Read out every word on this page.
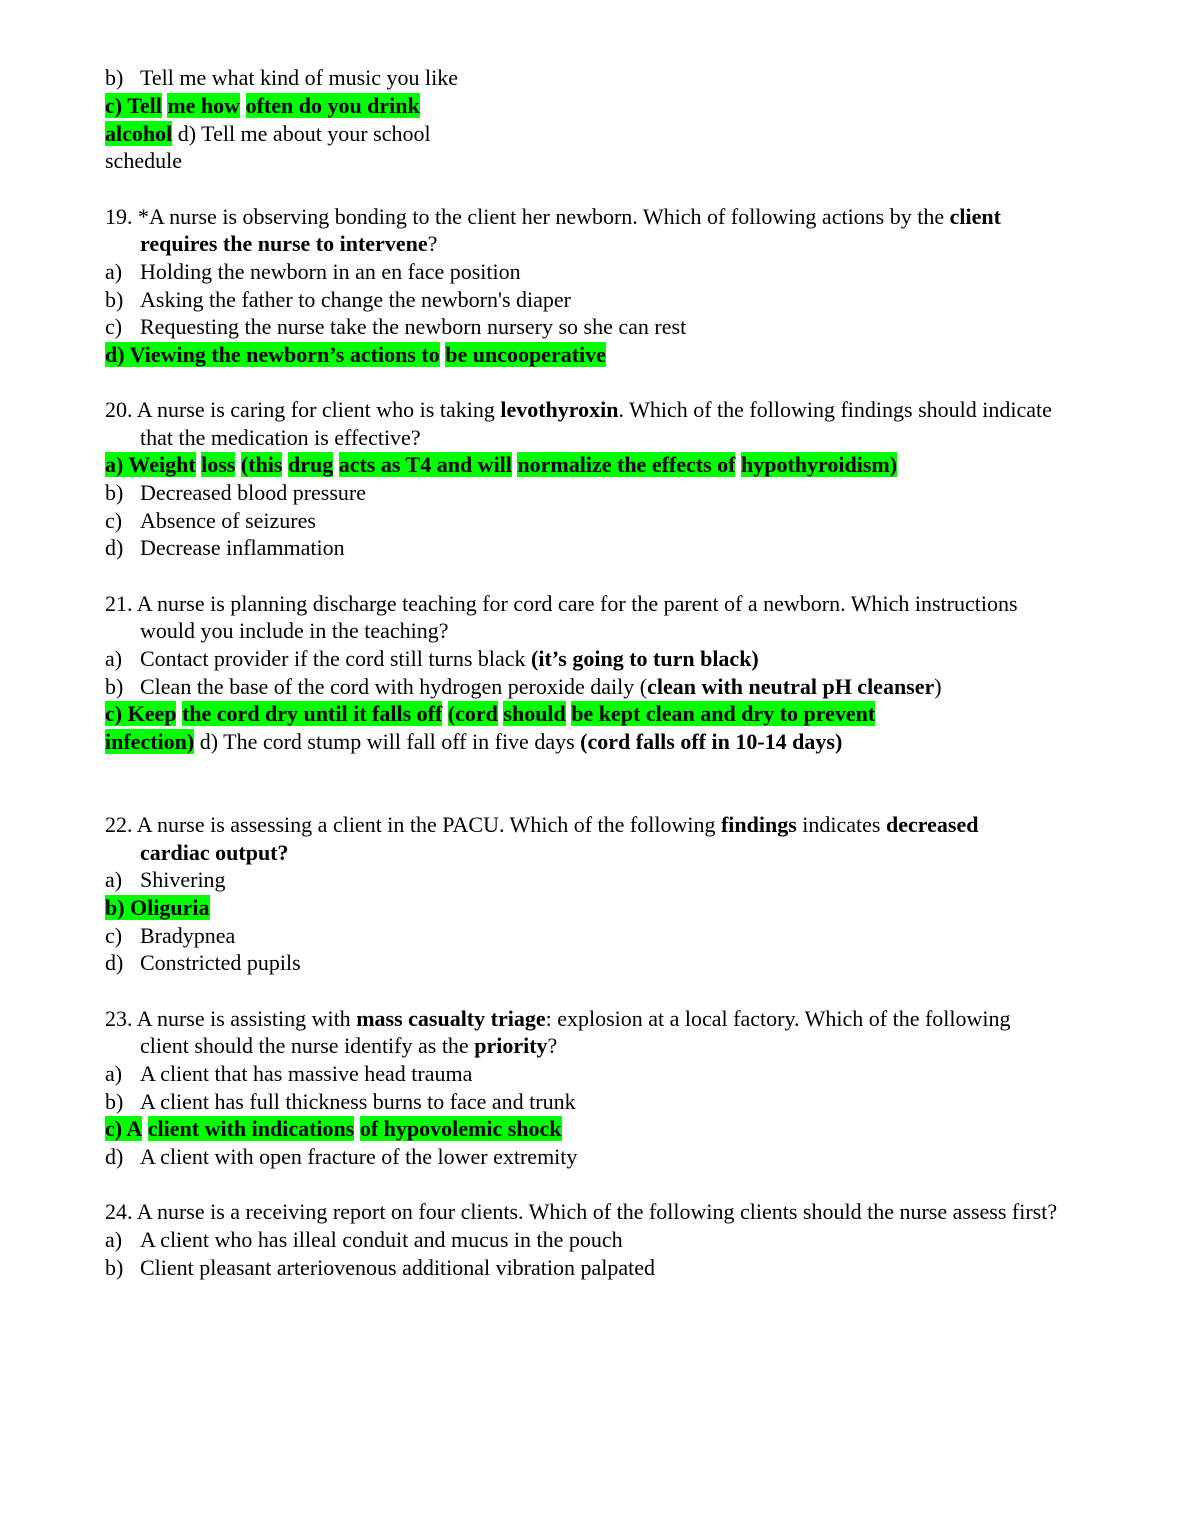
b) Tell me what kind of music you like
c) Tell me how often do you drink
alcohol d) Tell me about your school
schedule
19. *A nurse is observing bonding to the client her newborn. Which of following actions by the client
requires the nurse to intervene?
a) Holding the newborn in an en face position
b) Asking the father to change the newborn's diaper
c) Requesting the nurse take the newborn nursery so she can rest
d) Viewing the newborn’s actions to be uncooperative
20. A nurse is caring for client who is taking levothyroxin. Which of the following findings should indicate
that the medication is effective?
a) Weight loss (this drug acts as T4 and will normalize the effects of hypothyroidism)
b) Decreased blood pressure
c) Absence of seizures
d) Decrease inflammation
21. A nurse is planning discharge teaching for cord care for the parent of a newborn. Which instructions
would you include in the teaching?
a) Contact provider if the cord still turns black (it’s going to turn black)
b) Clean the base of the cord with hydrogen peroxide daily (clean with neutral pH cleanser)
c) Keep the cord dry until it falls off (cord should be kept clean and dry to prevent
infection) d) The cord stump will fall off in five days (cord falls off in 10-14 days)
22. A nurse is assessing a client in the PACU. Which of the following findings indicates decreased
cardiac output?
a) Shivering
b) Oliguria
c) Bradypnea
d) Constricted pupils
23. A nurse is assisting with mass casualty triage: explosion at a local factory. Which of the following
client should the nurse identify as the priority?
a) A client that has massive head trauma
b) A client has full thickness burns to face and trunk
c) A client with indications of hypovolemic shock
d) A client with open fracture of the lower extremity
24. A nurse is a receiving report on four clients. Which of the following clients should the nurse assess first?
a) A client who has illeal conduit and mucus in the pouch
b) Client pleasant arteriovenous additional vibration palpated
